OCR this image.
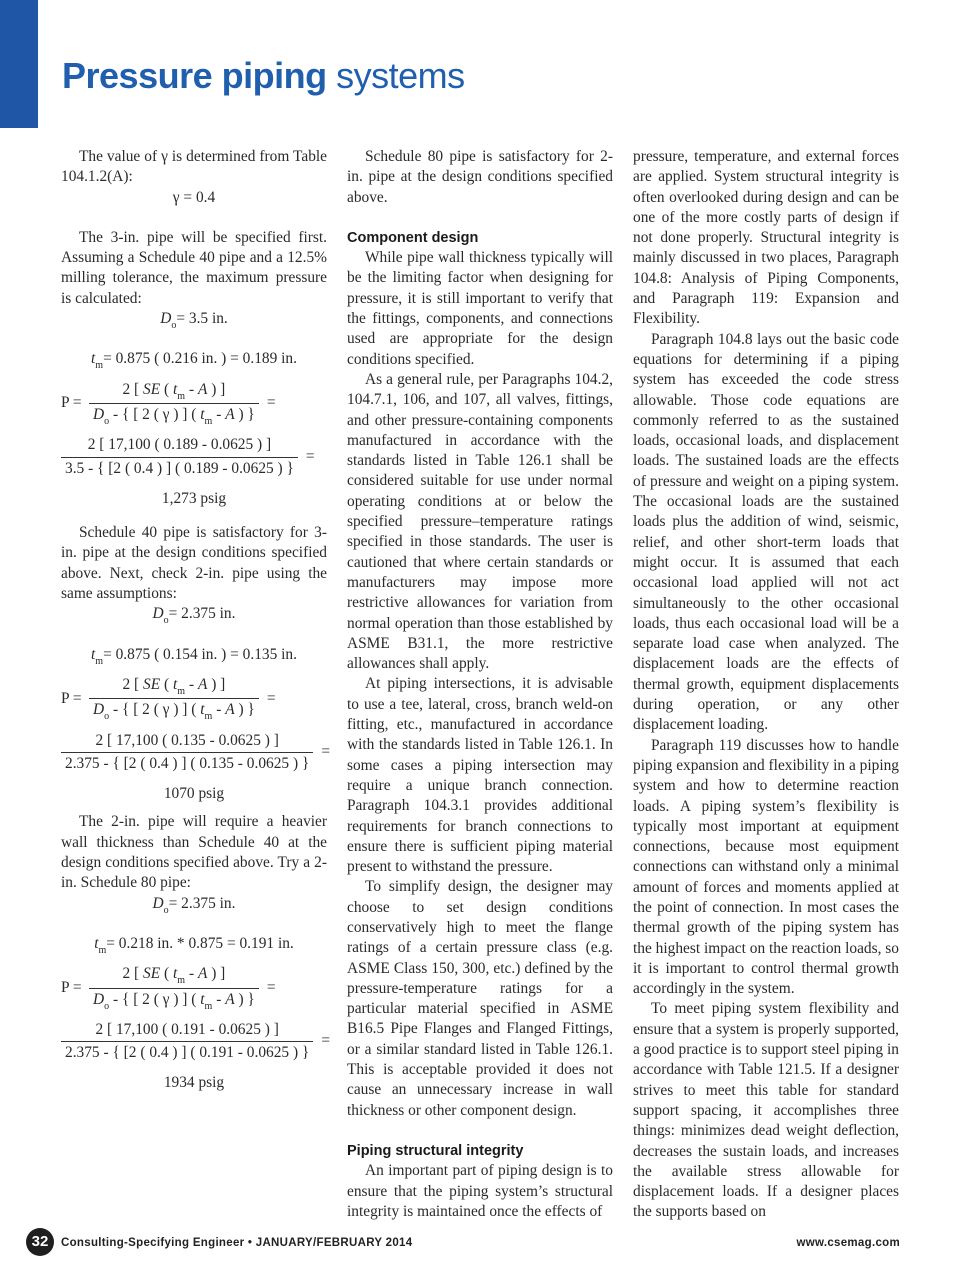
Pressure piping systems

The value of γ is determined from Table 104.1.2(A):

γ = 0.4

The 3-in. pipe will be specified first. Assuming a Schedule 40 pipe and a 12.5% milling tolerance, the maximum pressure is calculated:

$D_o= 3.5$ in.
$t_m= 0.875$ ( 0.216 in. ) = 0.189 in.
$P = \frac{2 [ SE ( t_m - A ) ]}{D_o - \{ [ 2 ( \gamma ) ] ( t_m - A ) \}}$ =
$\frac{2 [ 17,100 ( 0.189 - 0.0625 ) ]}{3.5 - \{ [2 ( 0.4 ) ] ( 0.189 - 0.0625 ) \}}$ =
1,273 psig

Schedule 40 pipe is satisfactory for 3-in. pipe at the design conditions specified above. Next, check 2-in. pipe using the same assumptions:

$D_o= 2.375$ in.
$t_m= 0.875$ ( 0.154 in. ) = 0.135 in.
$P = \frac{2 [ SE ( t_m - A ) ]}{D_o - \{ [ 2 ( \gamma ) ] ( t_m - A ) \}}$ =
$\frac{2 [ 17,100 ( 0.135 - 0.0625 ) ]}{2.375 - \{ [2 ( 0.4 ) ] ( 0.135 - 0.0625 ) \}}$ =
1070 psig

The 2-in. pipe will require a heavier wall thickness than Schedule 40 at the design conditions specified above. Try a 2-in. Schedule 80 pipe:

$D_o= 2.375$ in.
$t_m= 0.218$ in. * 0.875 = 0.191 in.
$P = \frac{2 [ SE ( t_m - A ) ]}{D_o - \{ [ 2 ( \gamma ) ] ( t_m - A ) \}}$ =
$\frac{2 [ 17,100 ( 0.191 - 0.0625 ) ]}{2.375 - \{ [2 ( 0.4 ) ] ( 0.191 - 0.0625 ) \}}$ =
1934 psig

Schedule 80 pipe is satisfactory for 2-in. pipe at the design conditions specified above.

Component design

While pipe wall thickness typically will be the limiting factor when designing for pressure, it is still important to verify that the fittings, components, and connections used are appropriate for the design conditions specified.

As a general rule, per Paragraphs 104.2, 104.7.1, 106, and 107, all valves, fittings, and other pressure-containing components manufactured in accordance with the standards listed in Table 126.1 shall be considered suitable for use under normal operating conditions at or below the specified pressure–temperature ratings specified in those standards. The user is cautioned that where certain standards or manufacturers may impose more restrictive allowances for variation from normal operation than those established by ASME B31.1, the more restrictive allowances shall apply.

At piping intersections, it is advisable to use a tee, lateral, cross, branch weld-on fitting, etc., manufactured in accordance with the standards listed in Table 126.1. In some cases a piping intersection may require a unique branch connection. Paragraph 104.3.1 provides additional requirements for branch connections to ensure there is sufficient piping material present to withstand the pressure.

To simplify design, the designer may choose to set design conditions conservatively high to meet the flange ratings of a certain pressure class (e.g. ASME Class 150, 300, etc.) defined by the pressure-temperature ratings for a particular material specified in ASME B16.5 Pipe Flanges and Flanged Fittings, or a similar standard listed in Table 126.1. This is acceptable provided it does not cause an unnecessary increase in wall thickness or other component design.

Piping structural integrity

An important part of piping design is to ensure that the piping system’s structural integrity is maintained once the effects of

pressure, temperature, and external forces are applied. System structural integrity is often overlooked during design and can be one of the more costly parts of design if not done properly. Structural integrity is mainly discussed in two places, Paragraph 104.8: Analysis of Piping Components, and Paragraph 119: Expansion and Flexibility.

Paragraph 104.8 lays out the basic code equations for determining if a piping system has exceeded the code stress allowable. Those code equations are commonly referred to as the sustained loads, occasional loads, and displacement loads. The sustained loads are the effects of pressure and weight on a piping system. The occasional loads are the sustained loads plus the addition of wind, seismic, relief, and other short-term loads that might occur. It is assumed that each occasional load applied will not act simultaneously to the other occasional loads, thus each occasional load will be a separate load case when analyzed. The displacement loads are the effects of thermal growth, equipment displacements during operation, or any other displacement loading.

Paragraph 119 discusses how to handle piping expansion and flexibility in a piping system and how to determine reaction loads. A piping system’s flexibility is typically most important at equipment connections, because most equipment connections can withstand only a minimal amount of forces and moments applied at the point of connection. In most cases the thermal growth of the piping system has the highest impact on the reaction loads, so it is important to control thermal growth accordingly in the system.

To meet piping system flexibility and ensure that a system is properly supported, a good practice is to support steel piping in accordance with Table 121.5. If a designer strives to meet this table for standard support spacing, it accomplishes three things: minimizes dead weight deflection, decreases the sustain loads, and increases the available stress allowable for displacement loads. If a designer places the supports based on

32	Consulting-Specifying Engineer • JANUARY/FEBRUARY 2014	www.csemag.com
